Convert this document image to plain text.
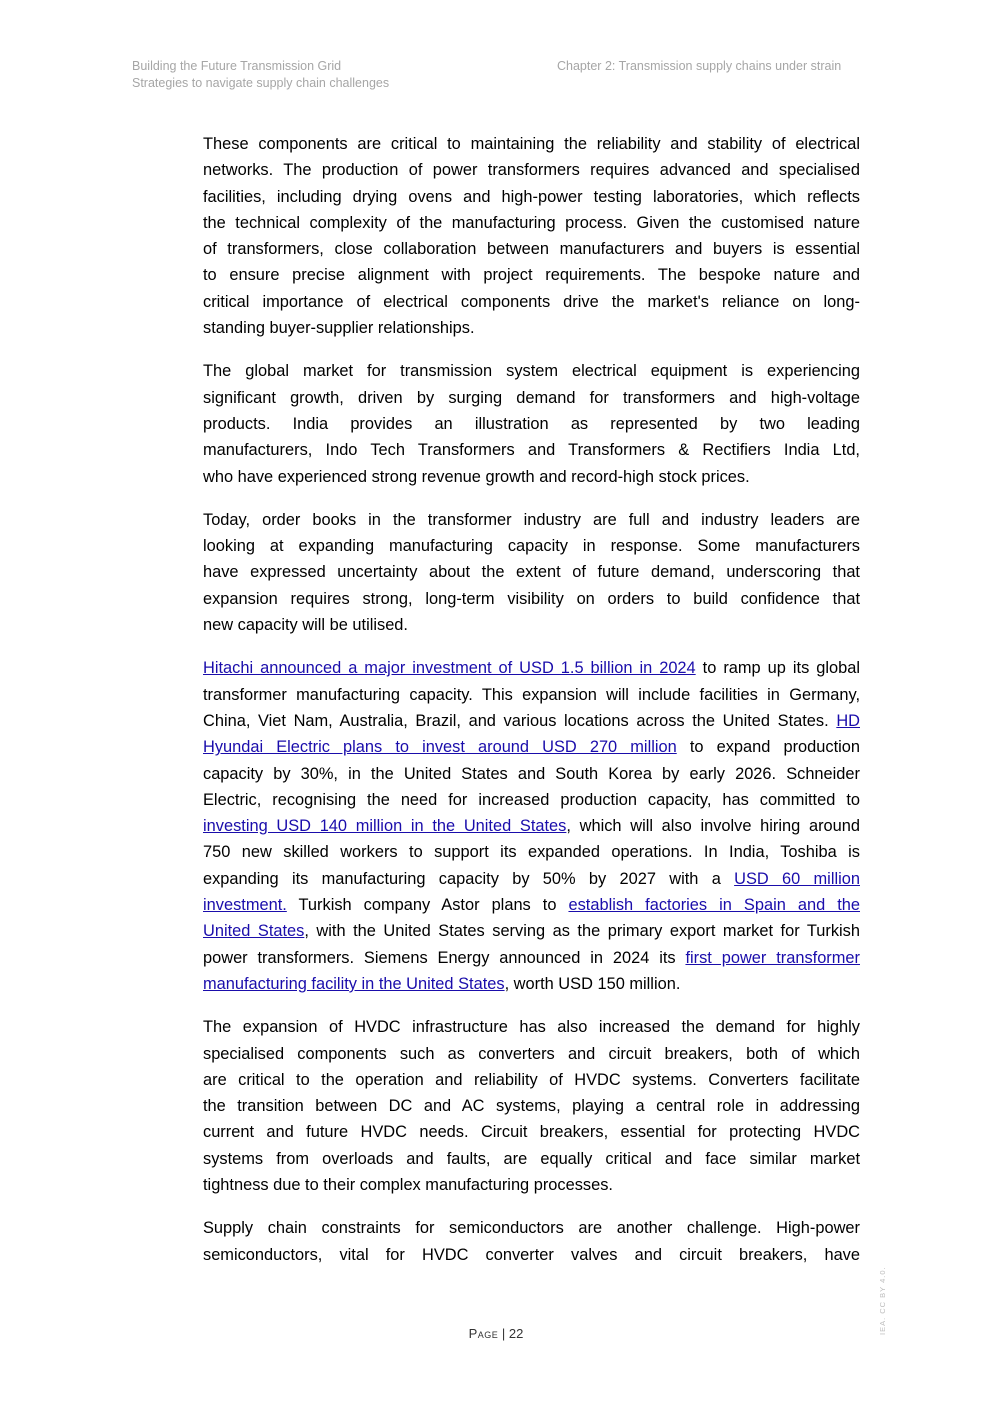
Building the Future Transmission Grid
Strategies to navigate supply chain challenges
Chapter 2: Transmission supply chains under strain
These components are critical to maintaining the reliability and stability of electrical
networks. The production of power transformers requires advanced and specialised
facilities, including drying ovens and high-power testing laboratories, which reflects
the technical complexity of the manufacturing process. Given the customised nature
of transformers, close collaboration between manufacturers and buyers is essential
to ensure precise alignment with project requirements. The bespoke nature and
critical importance of electrical components drive the market's reliance on long-
standing buyer-supplier relationships.
The global market for transmission system electrical equipment is experiencing
significant growth, driven by surging demand for transformers and high-voltage
products. India provides an illustration as represented by two leading
manufacturers, Indo Tech Transformers and Transformers & Rectifiers India Ltd,
who have experienced strong revenue growth and record-high stock prices.
Today, order books in the transformer industry are full and industry leaders are
looking at expanding manufacturing capacity in response. Some manufacturers
have expressed uncertainty about the extent of future demand, underscoring that
expansion requires strong, long-term visibility on orders to build confidence that
new capacity will be utilised.
Hitachi announced a major investment of USD 1.5 billion in 2024 to ramp up its global
transformer manufacturing capacity. This expansion will include facilities in Germany,
China, Viet Nam, Australia, Brazil, and various locations across the United States. HD
Hyundai Electric plans to invest around USD 270 million to expand production
capacity by 30%, in the United States and South Korea by early 2026. Schneider
Electric, recognising the need for increased production capacity, has committed to
investing USD 140 million in the United States, which will also involve hiring around
750 new skilled workers to support its expanded operations. In India, Toshiba is
expanding its manufacturing capacity by 50% by 2027 with a USD 60 million
investment. Turkish company Astor plans to establish factories in Spain and the
United States, with the United States serving as the primary export market for Turkish
power transformers. Siemens Energy announced in 2024 its first power transformer
manufacturing facility in the United States, worth USD 150 million.
The expansion of HVDC infrastructure has also increased the demand for highly
specialised components such as converters and circuit breakers, both of which
are critical to the operation and reliability of HVDC systems. Converters facilitate
the transition between DC and AC systems, playing a central role in addressing
current and future HVDC needs. Circuit breakers, essential for protecting HVDC
systems from overloads and faults, are equally critical and face similar market
tightness due to their complex manufacturing processes.
Supply chain constraints for semiconductors are another challenge. High-power
semiconductors, vital for HVDC converter valves and circuit breakers, have
Page | 22	IEA. CC BY 4.0.
